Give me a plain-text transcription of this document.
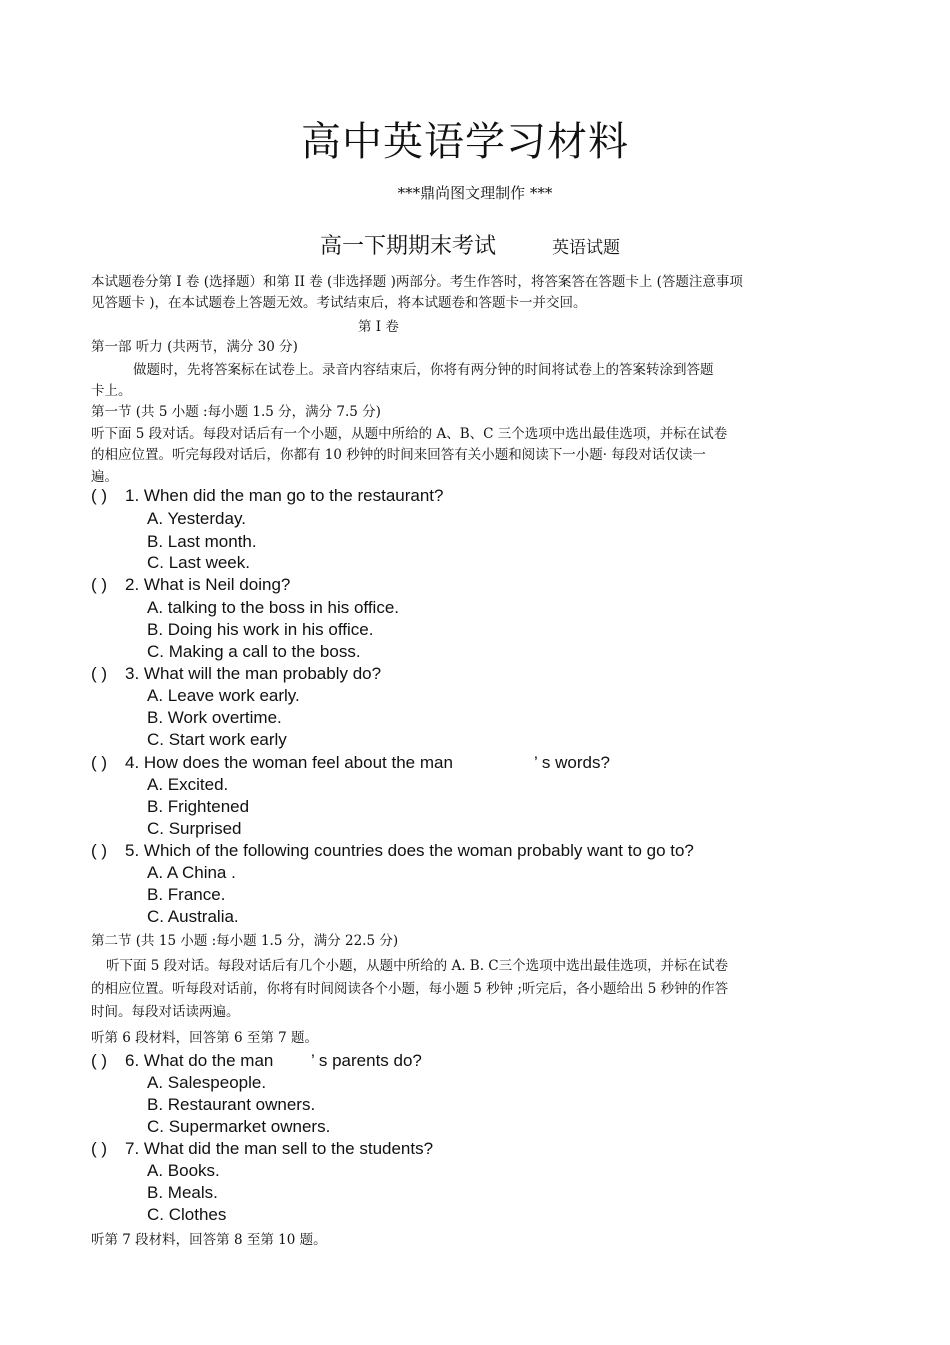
高中英语学习材料
***鼎尚图文理制作 ***
高一下期期末考试	英语试题
本试题卷分第 I 卷 (选择题）和第 II 卷 (非选择题 )两部分。考生作答时，将答案答在答题卡上 (答题注意事项
见答题卡 )，在本试题卷上答题无效。考试结束后，将本试题卷和答题卡一并交回。
第 I 卷
第一部 听力 (共两节，满分 30 分)
做题时，先将答案标在试卷上。录音内容结束后，你将有两分钟的时间将试卷上的答案转涂到答题
卡上。
第一节 (共 5 小题 :每小题 1.5 分，满分 7.5 分)
听下面 5 段对话。每段对话后有一个小题，从题中所给的 A、B、C 三个选项中选出最佳选项，并标在试卷
的相应位置。听完每段对话后，你都有 10 秒钟的时间来回答有关小题和阅读下一小题· 每段对话仅读一
遍。
( ) 1. When did the man go to the restaurant?
A. Yesterday.
B. Last month.
C. Last week.
( ) 2. What is Neil doing?
A. talking to the boss in his office.
B. Doing his work in his office.
C. Making a call to the boss.
( ) 3. What will the man probably do?
A. Leave work early.
B. Work overtime.
C. Start work early
( ) 4. How does the woman feel about the man	’ s words?
A. Excited.
B. Frightened
C. Surprised
( ) 5. Which of the following countries does the woman probably want to go to?
A. A China .
B. France.
C. Australia.
第二节 (共 15 小题 :每小题 1.5 分，满分 22.5 分)
听下面 5 段对话。每段对话后有几个小题，从题中所给的 A. B. C三个选项中选出最佳选项，并标在试卷
的相应位置。听每段对话前，你将有时间阅读各个小题，每小题 5 秒钟 ;听完后，各小题给出 5 秒钟的作答
时间。每段对话读两遍。
听第 6 段材料，回答第 6 至第 7 题。
( ) 6. What do the man ’ s parents do?
A. Salespeople.
B. Restaurant owners.
C. Supermarket owners.
( ) 7. What did the man sell to the students?
A. Books.
B. Meals.
C. Clothes
听第 7 段材料，回答第 8 至第 10 题。
